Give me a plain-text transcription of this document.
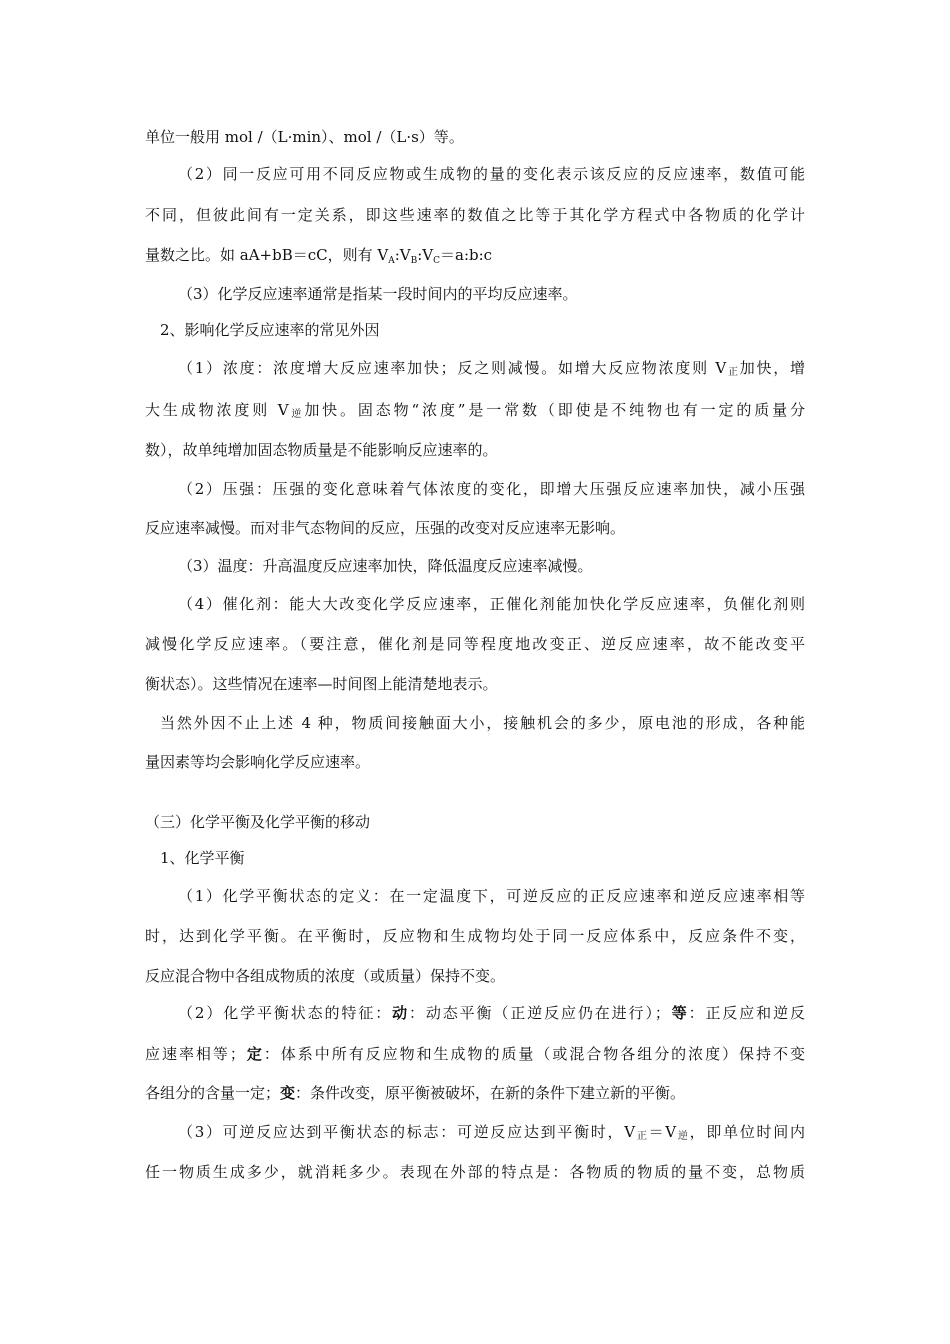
单位一般用 mol /（L·min）、mol /（L·s）等。
（2）同一反应可用不同反应物或生成物的量的变化表示该反应的反应速率，数值可能
不同，但彼此间有一定关系，即这些速率的数值之比等于其化学方程式中各物质的化学计
量数之比。如 aA+bB＝cC，则有 $V_A:V_B:V_C=a:b:c$
（3）化学反应速率通常是指某一段时间内的平均反应速率。
2、影响化学反应速率的常见外因
（1）浓度：浓度增大反应速率加快；反之则减慢。如增大反应物浓度则 V正加快，增
大生成物浓度则 V逆加快。固态物“浓度”是一常数（即使是不纯物也有一定的质量分
数），故单纯增加固态物质量是不能影响反应速率的。
（2）压强：压强的变化意味着气体浓度的变化，即增大压强反应速率加快，减小压强
反应速率减慢。而对非气态物间的反应，压强的改变对反应速率无影响。
（3）温度：升高温度反应速率加快，降低温度反应速率减慢。
（4）催化剂：能大大改变化学反应速率，正催化剂能加快化学反应速率，负催化剂则
减慢化学反应速率。（要注意，催化剂是同等程度地改变正、逆反应速率，故不能改变平
衡状态）。这些情况在速率—时间图上能清楚地表示。
当然外因不止上述 4 种，物质间接触面大小，接触机会的多少，原电池的形成，各种能
量因素等均会影响化学反应速率。
（三）化学平衡及化学平衡的移动
1、化学平衡
（1）化学平衡状态的定义：在一定温度下，可逆反应的正反应速率和逆反应速率相等
时，达到化学平衡。在平衡时，反应物和生成物均处于同一反应体系中，反应条件不变，
反应混合物中各组成物质的浓度（或质量）保持不变。
（2）化学平衡状态的特征：动：动态平衡（正逆反应仍在进行）；等：正反应和逆反
应速率相等；定：体系中所有反应物和生成物的质量（或混合物各组分的浓度）保持不变
各组分的含量一定；变：条件改变，原平衡被破坏，在新的条件下建立新的平衡。
（3）可逆反应达到平衡状态的标志：可逆反应达到平衡时，V正＝V逆，即单位时间内
任一物质生成多少，就消耗多少。表现在外部的特点是：各物质的物质的量不变，总物质
